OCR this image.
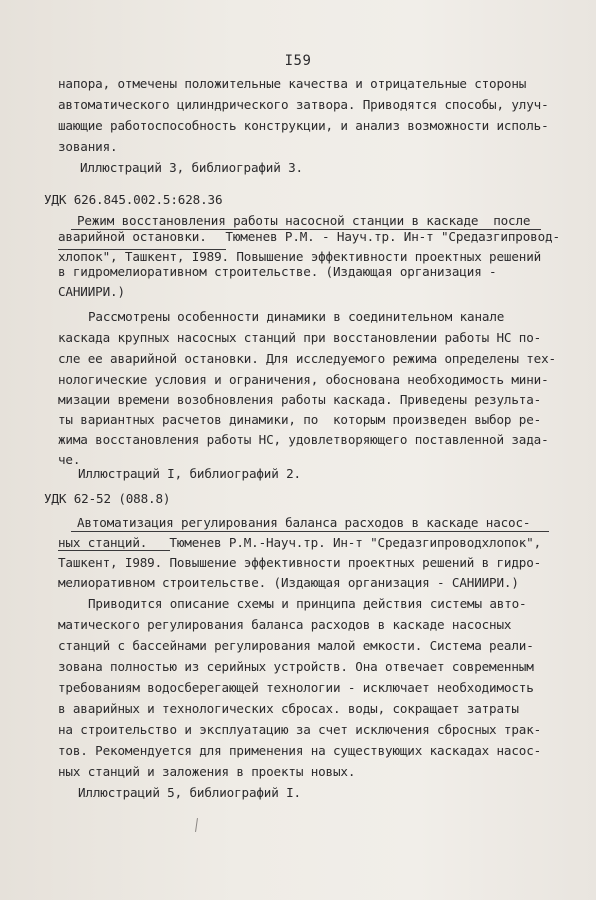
I59
напора, отмечены положительные качества и отрицательные стороны
автоматического цилиндрического затвора. Приводятся способы, улуч-
шающие работоспособность конструкции, и анализ возможности исполь-
зования.
Иллюстраций 3, библиографий 3.
УДК 626.845.002.5:628.36
Режим восстановления работы насосной станции в каскаде  после
аварийной остановки. Тюменев Р.М. - Науч.тр. Ин-т "Средазгипровод-
хлопок", Ташкент, I989. Повышение эффективности проектных решений
в гидромелиоративном строительстве. (Издающая организация -
САНИИРИ.)
Рассмотрены особенности динамики в соединительном канале
каскада крупных насосных станций при восстановлении работы НС по-
сле ее аварийной остановки. Для исследуемого режима определены тех-
нологические условия и ограничения, обоснована необходимость мини-
мизации времени возобновления работы каскада. Приведены результа-
ты вариантных расчетов динамики, по  которым произведен выбор ре-
жима восстановления работы НС, удовлетворяющего поставленной зада-
че.
Иллюстраций I, библиографий 2.
УДК 62-52 (088.8)
Автоматизация регулирования баланса расходов в каскаде насос-
ных станций. Тюменев Р.М.-Науч.тр. Ин-т "Средазгипроводхлопок",
Ташкент, I989. Повышение эффективности проектных решений в гидро-
мелиоративном строительстве. (Издающая организация - САНИИРИ.)
Приводится описание схемы и принципа действия системы авто-
матического регулирования баланса расходов в каскаде насосных
станций с бассейнами регулирования малой емкости. Система реали-
зована полностью из серийных устройств. Она отвечает современным
требованиям водосберегающей технологии - исключает необходимость
в аварийных и технологических сбросах. воды, сокращает затраты
на строительство и эксплуатацию за счет исключения сбросных трак-
тов. Рекомендуется для применения на существующих каскадах насос-
ных станций и заложения в проекты новых.
Иллюстраций 5, библиографий I.
